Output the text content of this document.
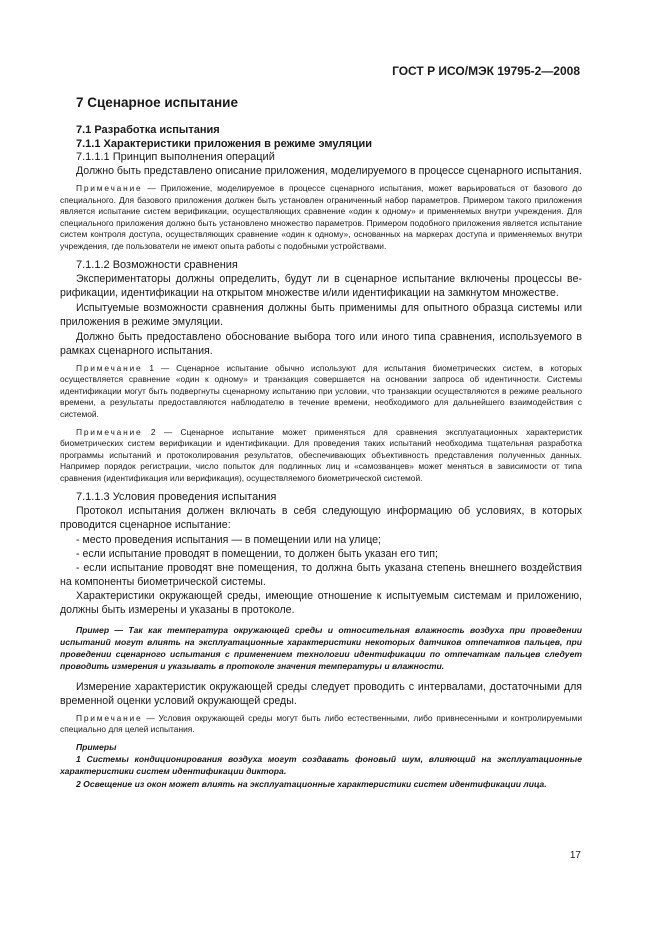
ГОСТ Р ИСО/МЭК 19795-2—2008

7 Сценарное испытание

7.1 Разработка испытания

7.1.1 Характеристики приложения в режиме эмуляции

7.1.1.1 Принцип выполнения операций

Должно быть представлено описание приложения, моделируемого в процессе сценарного испытания.

Примечание — Приложение, моделируемое в процессе сценарного испытания, может варьироваться от базового до специального. Для базового приложения должен быть установлен ограниченный набор параметров. Примером такого приложения является испытание систем верификации, осуществляющих сравнение «один к одному» и применяемых внутри учреждения. Для специального приложения должно быть установлено множество параметров. Примером подобного приложения является испытание систем контроля доступа, осуществляющих сравнение «один к одному», основанных на маркерах доступа и применяемых внутри учреждения, где пользователи не имеют опыта работы с подобными устройствами.

7.1.1.2 Возможности сравнения

Экспериментаторы должны определить, будут ли в сценарное испытание включены процессы верификации, идентификации на открытом множестве и/или идентификации на замкнутом множестве.

Испытуемые возможности сравнения должны быть применимы для опытного образца системы или приложения в режиме эмуляции.

Должно быть предоставлено обоснование выбора того или иного типа сравнения, используемого в рамках сценарного испытания.

Примечание 1 — Сценарное испытание обычно используют для испытания биометрических систем, в которых осуществляется сравнение «один к одному» и транзакция совершается на основании запроса об идентичности. Системы идентификации могут быть подвергнуты сценарному испытанию при условии, что транзакции осуществляются в режиме реального времени, а результаты предоставляются наблюдателю в течение времени, необходимого для дальнейшего взаимодействия с системой.

Примечание 2 — Сценарное испытание может применяться для сравнения эксплуатационных характеристик биометрических систем верификации и идентификации. Для проведения таких испытаний необходима тщательная разработка программы испытаний и протоколирования результатов, обеспечивающих объективность представления полученных данных. Например порядок регистрации, число попыток для подлинных лиц и «самозванцев» может меняться в зависимости от типа сравнения (идентификация или верификация), осуществляемого биометрической системой.

7.1.1.3 Условия проведения испытания

Протокол испытания должен включать в себя следующую информацию об условиях, в которых проводится сценарное испытание:

- место проведения испытания — в помещении или на улице;

- если испытание проводят в помещении, то должен быть указан его тип;

- если испытание проводят вне помещения, то должна быть указана степень внешнего воздействия на компоненты биометрической системы.

Характеристики окружающей среды, имеющие отношение к испытуемым системам и приложению, должны быть измерены и указаны в протоколе.

Пример — Так как температура окружающей среды и относительная влажность воздуха при проведении испытаний могут влиять на эксплуатационные характеристики некоторых датчиков отпечатков пальцев, при проведении сценарного испытания с применением технологии идентификации по отпечаткам пальцев следует проводить измерения и указывать в протоколе значения температуры и влажности.

Измерение характеристик окружающей среды следует проводить с интервалами, достаточными для временной оценки условий окружающей среды.

Примечание — Условия окружающей среды могут быть либо естественными, либо привнесенными и контролируемыми специально для целей испытания.

Примеры

1 Системы кондиционирования воздуха могут создавать фоновый шум, влияющий на эксплуатационные характеристики систем идентификации диктора.

2 Освещение из окон может влиять на эксплуатационные характеристики систем идентификации лица.

17
